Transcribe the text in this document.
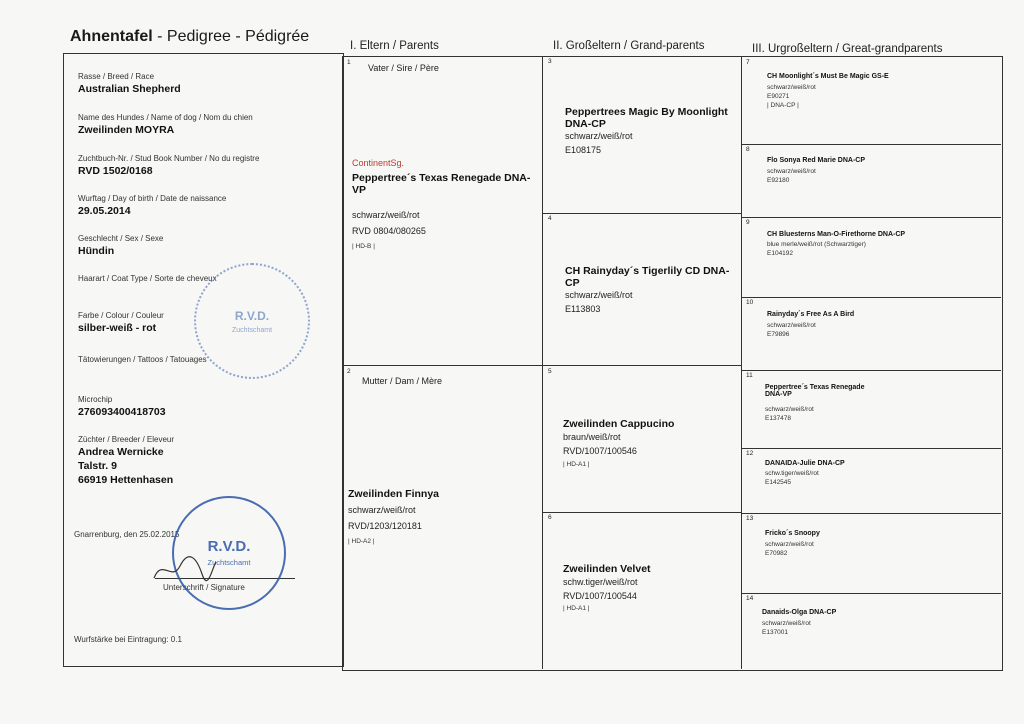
Ahnentafel - Pedigree - Pédigrée
I. Eltern / Parents	II. Großeltern / Grand-parents	III. Urgroßeltern / Great-grandparents
Rasse / Breed / Race
Australian Shepherd
Name des Hundes / Name of dog / Nom du chien
Zweilinden MOYRA
Zuchtbuch-Nr. / Stud Book Number / No du registre
RVD 1502/0168
Wurftag / Day of birth / Date de naissance
29.05.2014
Geschlecht / Sex / Sexe
Hündin
Haarart / Coat Type / Sorte de cheveux
Farbe / Colour / Couleur
silber-weiß - rot
Tätowierungen / Tattoos / Tatouages
Microchip
276093400418703
Züchter / Breeder / Eleveur
Andrea Wernicke
Talstr. 9
66919 Hettenhasen
Gnarrenburg, den 25.02.2015
Unterschrift / Signature
Wurfstärke bei Eintragung: 0.1
R.V.D.
Zuchtschamt
R.V.D.
Zuchtschamt
1
Vater / Sire / Père
ContinentSg.
Peppertree´s Texas Renegade DNA-VP
schwarz/weiß/rot
RVD 0804/080265
| HD-B |
2
Mutter / Dam / Mère
Zweilinden Finnya
schwarz/weiß/rot
RVD/1203/120181
| HD-A2 |
3
Peppertrees Magic By Moonlight DNA-CP
schwarz/weiß/rot
E108175
4
CH Rainyday´s Tigerlily CD DNA-CP
schwarz/weiß/rot
E113803
5
Zweilinden Cappucino
braun/weiß/rot
RVD/1007/100546
| HD-A1 |
6
Zweilinden Velvet
schw.tiger/weiß/rot
RVD/1007/100544
| HD-A1 |
7
CH Moonlight´s Must Be Magic GS-E
schwarz/weiß/rot
E90271
| DNA-CP |
8
Flo Sonya Red Marie DNA-CP
schwarz/weiß/rot
E92180
9
CH Bluesterns Man-O-Firethorne DNA-CP
blue merle/weiß/rot (Schwarztiger)
E104192
10
Rainyday´s Free As A Bird
schwarz/weiß/rot
E79896
11
Peppertree´s Texas Renegade DNA-VP
schwarz/weiß/rot
E137478
12
DANAIDA-Julie DNA-CP
schw.tiger/weiß/rot
E142545
13
Fricko´s Snoopy
schwarz/weiß/rot
E70982
14
Danaids-Olga DNA-CP
schwarz/weiß/rot
E137001
